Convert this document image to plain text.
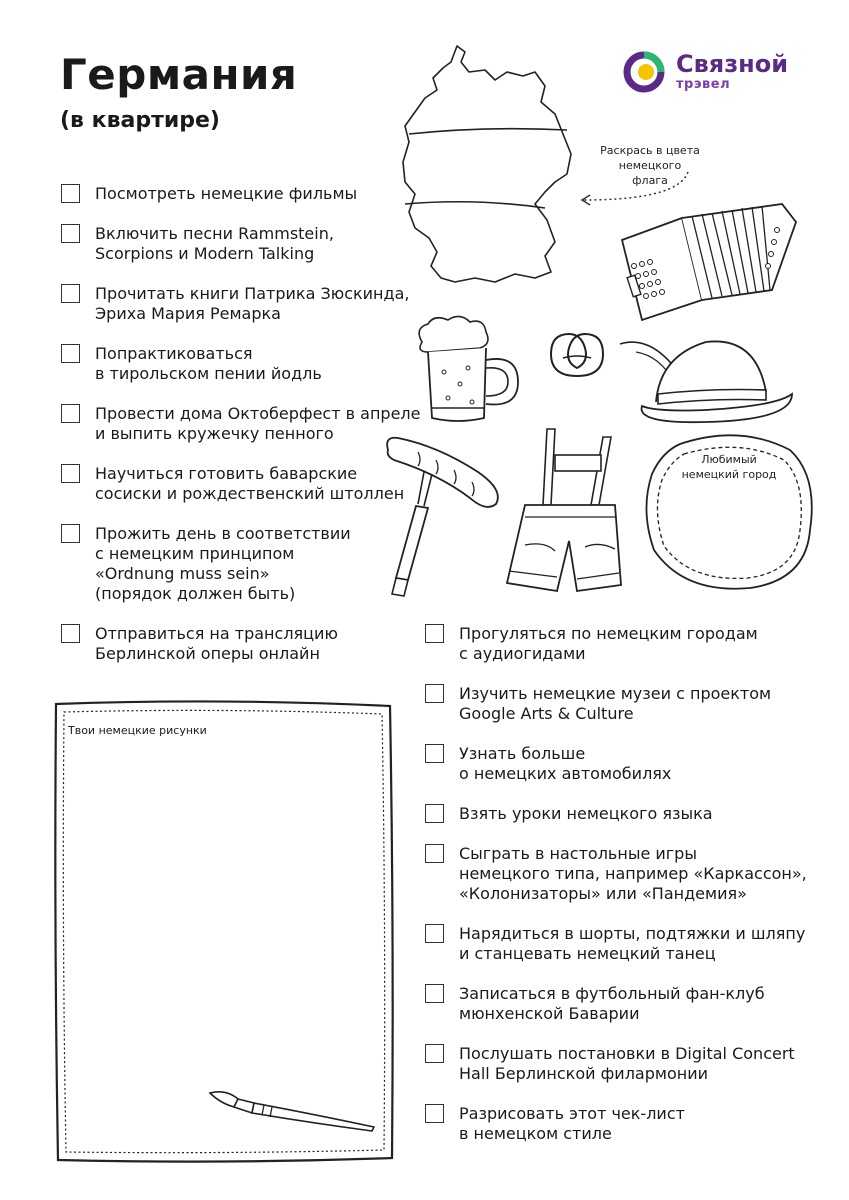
Германия
(в квартире)
Связной
трэвел
Раскрась в цвета немецкого флага
Любимый немецкий город
Твои немецкие рисунки
Посмотреть немецкие фильмы
Включить песни Rammstein,
Scorpions и Modern Talking
Прочитать книги Патрика Зюскинда,
Эриха Мария Ремарка
Попрактиковаться
в тирольском пении йодль
Провести дома Октоберфест в апреле
и выпить кружечку пенного
Научиться готовить баварские
сосиски и рождественский штоллен
Прожить день в соответствии
с немецким принципом
«Ordnung muss sein»
(порядок должен быть)
Отправиться на трансляцию
Берлинской оперы онлайн
Прогуляться по немецким городам
с аудиогидами
Изучить немецкие музеи с проектом
Google Arts & Culture
Узнать больше
о немецких автомобилях
Взять уроки немецкого языка
Сыграть в настольные игры
немецкого типа, например «Каркассон»,
«Колонизаторы» или «Пандемия»
Нарядиться в шорты, подтяжки и шляпу
и станцевать немецкий танец
Записаться в футбольный фан-клуб
мюнхенской Баварии
Послушать постановки в Digital Concert
Hall Берлинской филармонии
Разрисовать этот чек-лист
в немецком стиле
